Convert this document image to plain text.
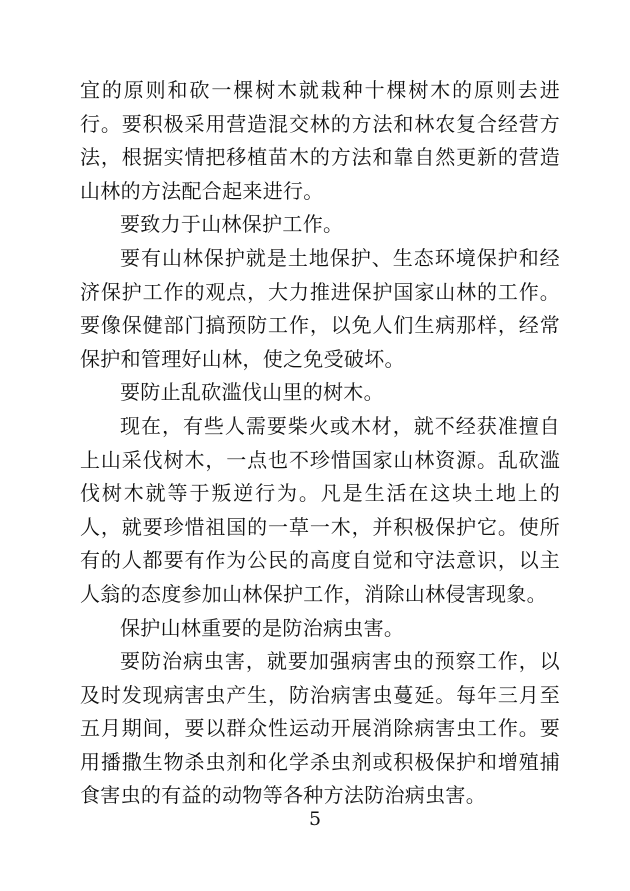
宜的原则和砍一棵树木就栽种十棵树木的原则去进行。要积极采用营造混交林的方法和林农复合经营方法，根据实情把移植苗木的方法和靠自然更新的营造山林的方法配合起来进行。

要致力于山林保护工作。

要有山林保护就是土地保护、生态环境保护和经济保护工作的观点，大力推进保护国家山林的工作。要像保健部门搞预防工作，以免人们生病那样，经常保护和管理好山林，使之免受破坏。

要防止乱砍滥伐山里的树木。

现在，有些人需要柴火或木材，就不经获准擅自上山采伐树木，一点也不珍惜国家山林资源。乱砍滥伐树木就等于叛逆行为。凡是生活在这块土地上的人，就要珍惜祖国的一草一木，并积极保护它。使所有的人都要有作为公民的高度自觉和守法意识，以主人翁的态度参加山林保护工作，消除山林侵害现象。

保护山林重要的是防治病虫害。

要防治病虫害，就要加强病害虫的预察工作，以及时发现病害虫产生，防治病害虫蔓延。每年三月至五月期间，要以群众性运动开展消除病害虫工作。要用播撒生物杀虫剂和化学杀虫剂或积极保护和增殖捕食害虫的有益的动物等各种方法防治病虫害。

5
